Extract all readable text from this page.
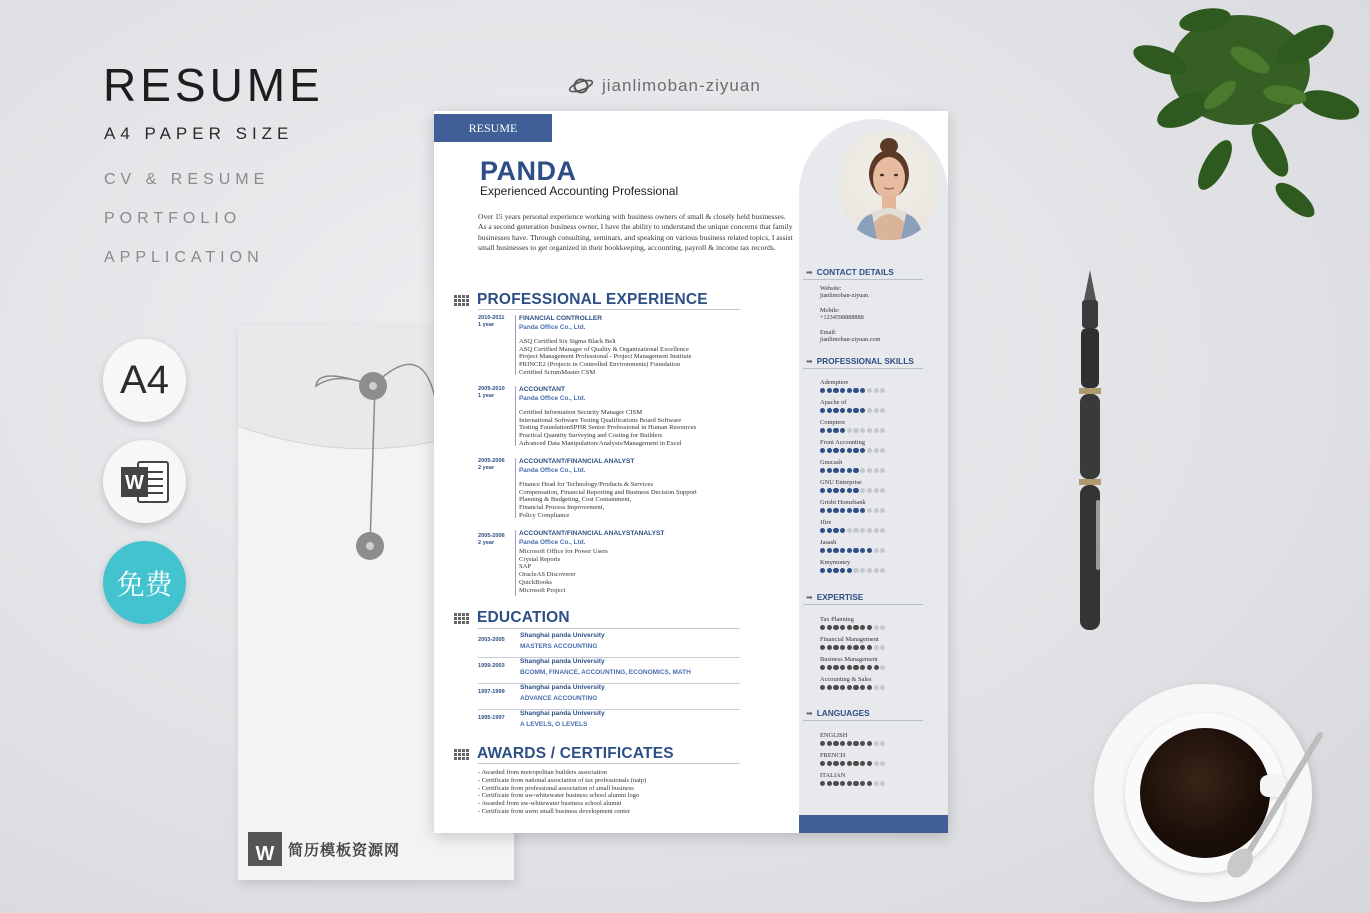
RESUME
A4 PAPER SIZE
CV & RESUME
PORTFOLIO
APPLICATION
A4
W
免费
W 简历模板资源网
jianlimoban-ziyuan
RESUME
PANDA
Experienced Accounting Professional
Over 15 years personal experience working with business owners of small & closely held businesses. As a second generation business owner, I have the ability to understand the unique concerns that family businesses have. Through consulting, seminars, and speaking on various business related topics, I assist small businesses to get organized in their bookkeeping, accounting, payroll & income tax records.
PROFESSIONAL EXPERIENCE
2010-2011
1 year
FINANCIAL CONTROLLER
Panda Office Co., Ltd.
ASQ Certified Six Sigma Black Belt
ASQ Certified Manager of Quality & Organizational Excellence
Project Management Professional - Project Management Institute
PRINCE2 (Projects in Controlled Environments) Foundation
Certified ScrumMaster CSM
2009-2010
1 year
ACCOUNTANT
Panda Office Co., Ltd.
Certified Information Security Manager CISM
International Software Testing Qualifications Board Software
Testing FoundationSPHR Senior Professional in Human Resources
Practical Quantity Surveying and Costing for Builders
Advanced Data Manipulation/Analysis/Management in Excel
2005-2006
2 year
ACCOUNTANT/FINANCIAL ANALYST
Panda Office Co., Ltd.
Finance Head for Technology/Products & Services
Compensation, Financial Reporting and Business Decision Support
Planning & Budgeting, Cost Containment,
Financial Process Improvement,
Policy Compliance
2005-2006
2 year
ACCOUNTANT/FINANCIAL ANALYSTANALYST
Panda Office Co., Ltd.
Microsoft Office for Power Users
Crystal Reports
SAP
OracleAS Discoverer
QuickBooks
Microsoft Project
EDUCATION
2003-2005
Shanghai panda University
MASTERS ACCOUNTING
1999-2003
Shanghai panda University
BCOMM, FINANCE, ACCOUNTING, ECONOMICS, MATH
1997-1999
Shanghai panda University
ADVANCE ACCOUNTING
1995-1997
Shanghai panda University
A LEVELS, O LEVELS
AWARDS / CERTIFICATES
- Awarded from metropolitan builders association
- Certificate from national association of tax professionals (natp)
- Certificate from professional association of small business
- Certificate from uw-whitewater business school alumni logo
- Awarded from uw-whitewater business school alumni
- Certificate from uwm small business development center
➡ CONTACT DETAILS
Website:
jianlimoban-ziyuan.
Mobile:
+1234598888888
Email:
jianlimoban-ziyuan.com
➡ PROFESSIONAL SKILLS
Adempiere
Apache of
Compiere
Front Accounting
Gnucash
GNU Enterprise
Grisbi Homebank
Jfire
Jasash
Kmymoney
➡ EXPERTISE
Tax Planning
Financial Management
Business Management
Accounting & Sales
➡ LANGUAGES
ENGLISH
FRENCH
ITALIAN
